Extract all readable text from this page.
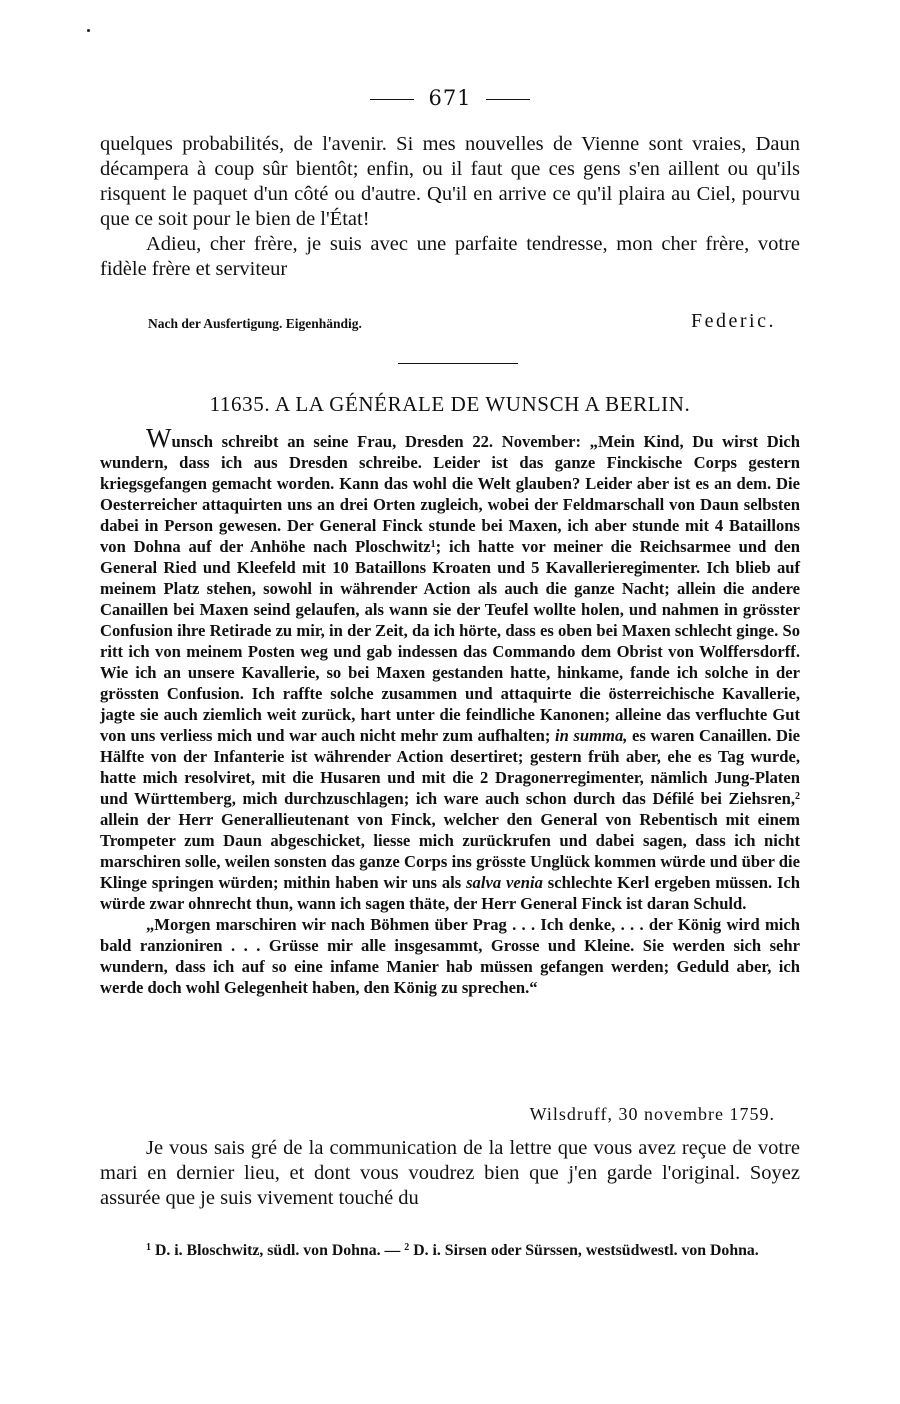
671

quelques probabilités, de l'avenir. Si mes nouvelles de Vienne sont vraies, Daun décampera à coup sûr bientôt; enfin, ou il faut que ces gens s'en aillent ou qu'ils risquent le paquet d'un côté ou d'autre. Qu'il en arrive ce qu'il plaira au Ciel, pourvu que ce soit pour le bien de l'État!

Adieu, cher frère, je suis avec une parfaite tendresse, mon cher frère, votre fidèle frère et serviteur

Nach der Ausfertigung. Eigenhändig.	Federic.
11635. A LA GÉNÉRALE DE WUNSCH A BERLIN.

Wunsch schreibt an seine Frau, Dresden 22. November: „Mein Kind, Du wirst Dich wundern, dass ich aus Dresden schreibe. Leider ist das ganze Finckische Corps gestern kriegsgefangen gemacht worden. Kann das wohl die Welt glauben? Leider aber ist es an dem. Die Oesterreicher attaquirten uns an drei Orten zugleich, wobei der Feldmarschall von Daun selbsten dabei in Person gewesen. Der General Finck stunde bei Maxen, ich aber stunde mit 4 Bataillons von Dohna auf der Anhöhe nach Ploschwitz$^1$; ich hatte vor meiner die Reichsarmee und den General Ried und Kleefeld mit 10 Bataillons Kroaten und 5 Kavallerieregimenter. Ich blieb auf meinem Platz stehen, sowohl in währender Action als auch die ganze Nacht; allein die andere Canaillen bei Maxen seind gelaufen, als wann sie der Teufel wollte holen, und nahmen in grösster Confusion ihre Retirade zu mir, in der Zeit, da ich hörte, dass es oben bei Maxen schlecht ginge. So ritt ich von meinem Posten weg und gab indessen das Commando dem Obrist von Wolffersdorff. Wie ich an unsere Kavallerie, so bei Maxen gestanden hatte, hinkame, fande ich solche in der grössten Confusion. Ich raffte solche zusammen und attaquirte die österreichische Kavallerie, jagte sie auch ziemlich weit zurück, hart unter die feindliche Kanonen; alleine das verfluchte Gut von uns verliess mich und war auch nicht mehr zum aufhalten; in summa, es waren Canaillen. Die Hälfte von der Infanterie ist währender Action desertiret; gestern früh aber, ehe es Tag wurde, hatte mich resolviret, mit die Husaren und mit die 2 Dragonerregimenter, nämlich Jung-Platen und Württemberg, mich durchzuschlagen; ich ware auch schon durch das Défilé bei Ziehsren,$^2$ allein der Herr Generallieutenant von Finck, welcher den General von Rebentisch mit einem Trompeter zum Daun abgeschicket, liesse mich zurückrufen und dabei sagen, dass ich nicht marschiren solle, weilen sonsten das ganze Corps ins grösste Unglück kommen würde und über die Klinge springen würden; mithin haben wir uns als salva venia schlechte Kerl ergeben müssen. Ich würde zwar ohnrecht thun, wann ich sagen thäte, der Herr General Finck ist daran Schuld.

„Morgen marschiren wir nach Böhmen über Prag . . . Ich denke, . . . der König wird mich bald ranzioniren . . . Grüsse mir alle insgesammt, Grosse und Kleine. Sie werden sich sehr wundern, dass ich auf so eine infame Manier hab müssen gefangen werden; Geduld aber, ich werde doch wohl Gelegenheit haben, den König zu sprechen.“

Wilsdruff, 30 novembre 1759.

Je vous sais gré de la communication de la lettre que vous avez reçue de votre mari en dernier lieu, et dont vous voudrez bien que j'en garde l'original. Soyez assurée que je suis vivement touché du

$^1$ D. i. Bloschwitz, südl. von Dohna. — $^2$ D. i. Sirsen oder Sürssen, westsüdwestl. von Dohna.
